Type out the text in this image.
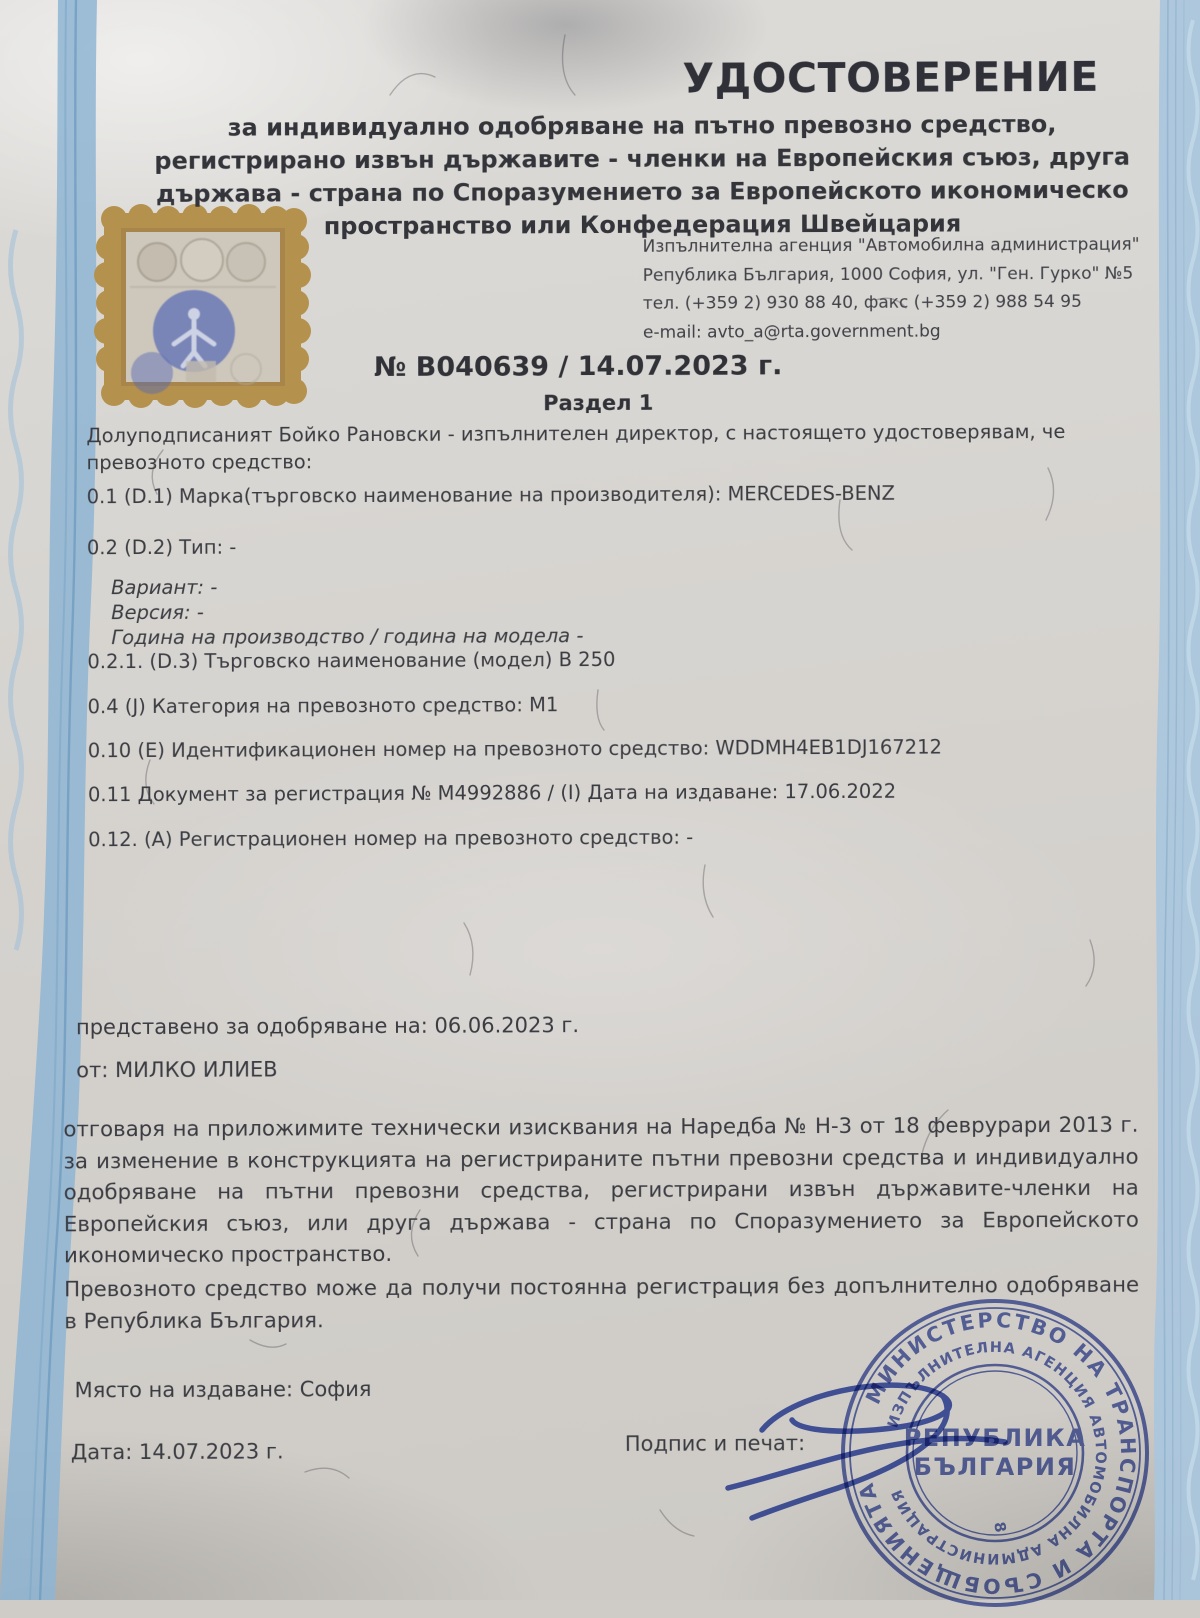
УДОСТОВЕРЕНИЕ
за индивидуално одобряване на пътно превозно средство,
регистрирано извън държавите - членки на Европейския съюз, друга
държава - страна по Споразумението за Европейското икономическо
пространство или Конфедерация Швейцария
Изпълнителна агенция "Автомобилна администрация"
Република България, 1000 София, ул. "Ген. Гурко" №5
тел. (+359 2) 930 88 40, факс (+359 2) 988 54 95
e-mail: avto_a@rta.government.bg
№ B040639 / 14.07.2023 г.
Раздел 1
Долуподписаният Бойко Рановски - изпълнителен директор, с настоящето удостоверявам, че превозното средство:
0.1 (D.1) Марка(търговско наименование на производителя): MERCEDES-BENZ
0.2 (D.2) Тип: -
Вариант: -
Версия: -
Година на производство / година на модела -
0.2.1. (D.3) Търговско наименование (модел) B 250
0.4 (J) Категория на превозното средство: M1
0.10 (E) Идентификационен номер на превозното средство: WDDMH4EB1DJ167212
0.11 Документ за регистрация № M4992886 / (I) Дата на издаване: 17.06.2022
0.12. (A) Регистрационен номер на превозното средство: -
представено за одобряване на: 06.06.2023 г.
от: МИЛКО ИЛИЕВ
отговаря на приложимите технически изисквания на Наредба № Н-3 от 18 феврурари 2013 г. за изменение в конструкцията на регистрираните пътни превозни средства и индивидуално одобряване на пътни превозни средства, регистрирани извън държавите-членки на Европейския съюз, или друга държава - страна по Споразумението за Европейското икономическо пространство.
Превозното средство може да получи постоянна регистрация без допълнително одобряване в Република България.
Място на издаване: София
Дата: 14.07.2023 г.	Подпис и печат:
МИНИСТЕРСТВО НА ТРАНСПОРТА И СЪОБЩЕНИЯТА
ИЗПЪЛНИТЕЛНА АГЕНЦИЯ АВТОМОБИЛНА АДМИНИСТРАЦИЯ
РЕПУБЛИКА
БЪЛГАРИЯ
8
